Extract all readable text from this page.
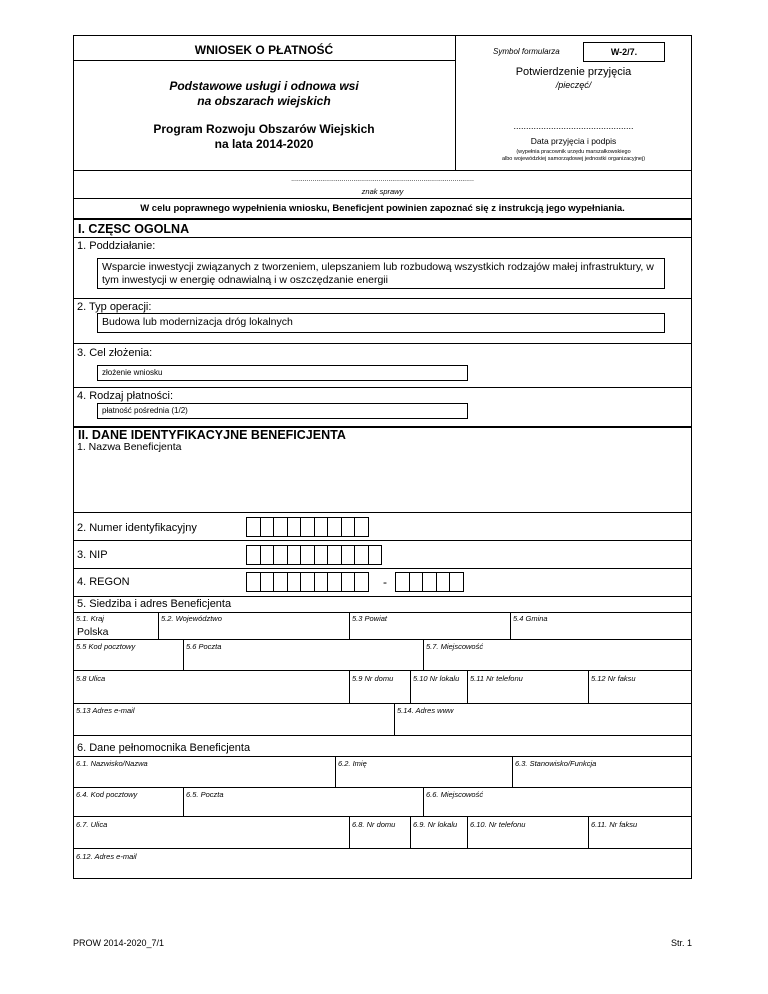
WNIOSEK O PŁATNOŚĆ
Podstawowe usługi i odnowa wsi
na obszarach wiejskich
Program Rozwoju Obszarów Wiejskich
na lata 2014-2020
Symbol formularza	W-2/7.
Potwierdzenie przyjęcia
/pieczęć/
................................................
Data przyjęcia i podpis
(wypełnia pracownik urzędu marszałkowskiego
albo wojewódzkiej samorządowej jednostki organizacyjnej)
..............................................................................................
znak sprawy
W celu poprawnego wypełnienia wniosku, Beneficjent powinien zapoznać się z instrukcją jego wypełniania.
I. CZĘSC OGOLNA
1. Poddziałanie:
Wsparcie inwestycji związanych z tworzeniem, ulepszaniem lub rozbudową wszystkich rodzajów małej infrastruktury, w tym inwestycji w energię odnawialną i w oszczędzanie energii
2. Typ operacji:
Budowa lub modernizacja dróg lokalnych
3. Cel złożenia:
złożenie wniosku
4. Rodzaj płatności:
płatność pośrednia (1/2)
II. DANE IDENTYFIKACYJNE BENEFICJENTA
1. Nazwa Beneficjenta
2. Numer identyfikacyjny
3. NIP
4. REGON	-
5. Siedziba i adres Beneficjenta
5.1. Kraj	5.2. Województwo	5.3 Powiat	5.4 Gmina
Polska
5.5 Kod pocztowy	5.6 Poczta	5.7. Miejscowość
5.8 Ulica	5.9 Nr domu	5.10 Nr lokalu 5.11 Nr telefonu	5.12 Nr faksu
5.13 Adres e-mail	5.14. Adres www
6. Dane pełnomocnika Beneficjenta
6.1. Nazwisko/Nazwa	6.2. Imię	6.3. Stanowisko/Funkcja
6.4. Kod pocztowy	6.5. Poczta	6.6. Miejscowość
6.7. Ulica	6.8. Nr domu 6.9. Nr lokalu 6.10. Nr telefonu	6.11. Nr faksu
6.12. Adres e-mail
PROW 2014-2020_7/1	Str. 1
